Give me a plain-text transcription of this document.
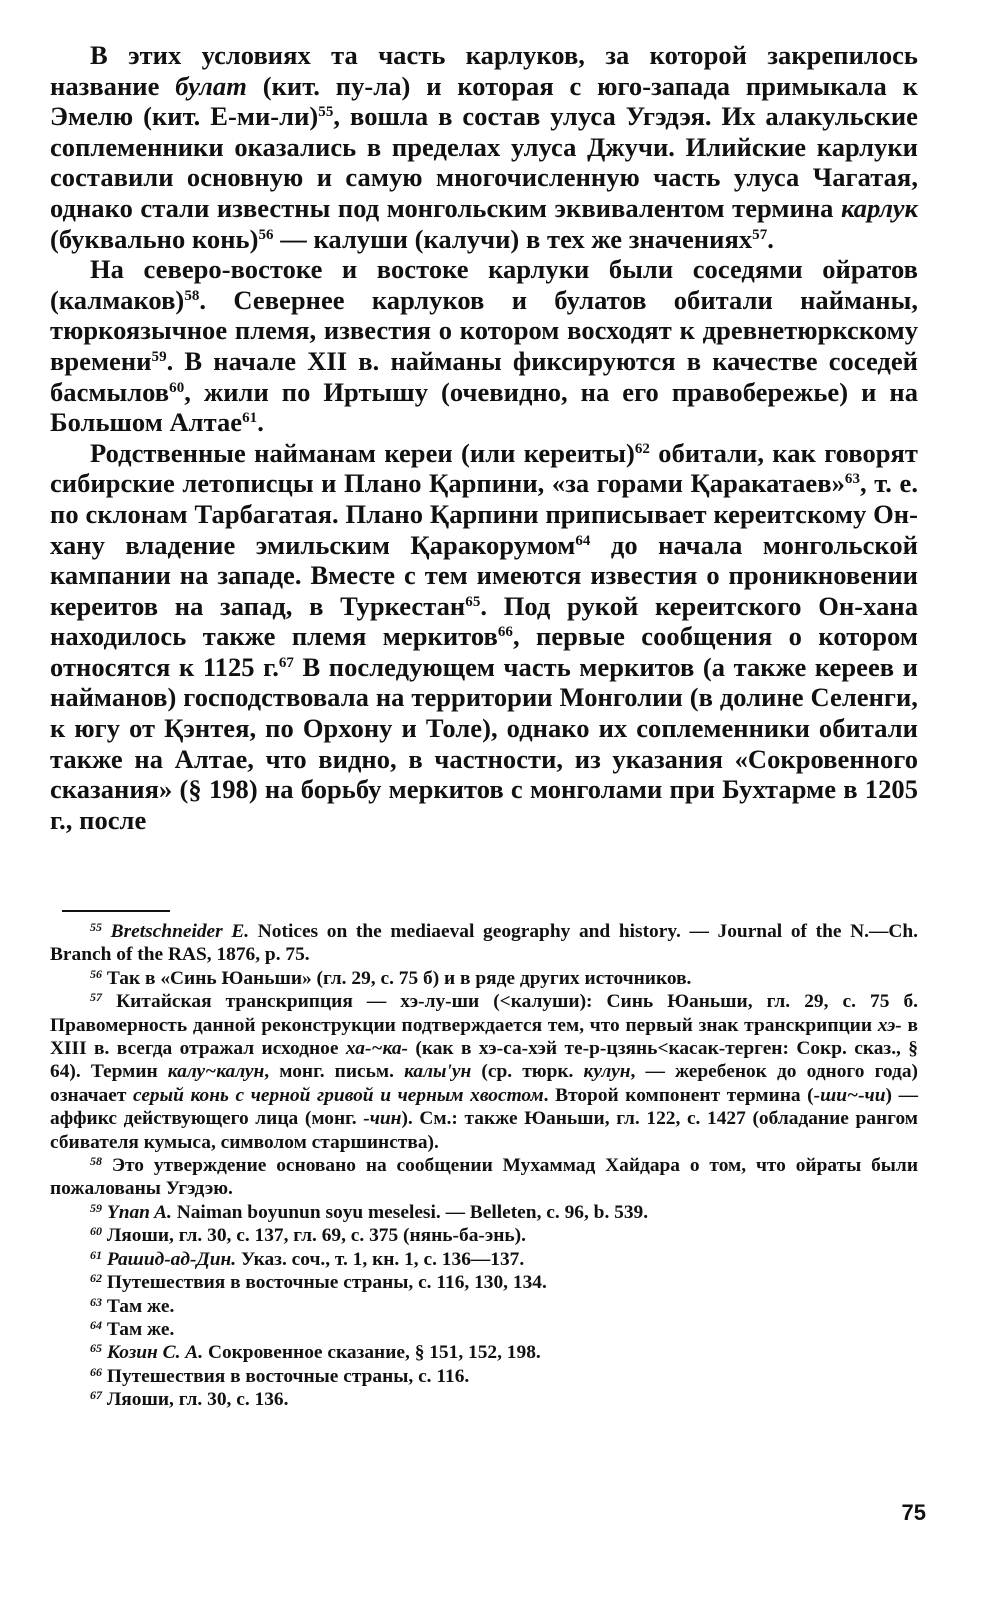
В этих условиях та часть карлуков, за которой закрепилось название булат (кит. пу-ла) и которая с юго-запада примыкала к Эмелю (кит. Е-ми-ли)$^{55}$, вошла в состав улуса Угэдэя. Их алакульские соплеменники оказались в пределах улуса Джучи. Илийские карлуки составили основную и самую многочисленную часть улуса Чагатая, однако стали известны под монгольским эквивалентом термина карлук (буквально конь)$^{56}$ — калуши (калучи) в тех же значениях$^{57}$.

На северо-востоке и востоке карлуки были соседями ойратов (калмаков)$^{58}$. Севернее карлуков и булатов обитали найманы, тюркоязычное племя, известия о котором восходят к древнетюркскому времени$^{59}$. В начале XII в. найманы фиксируются в качестве соседей басмылов$^{60}$, жили по Иртышу (очевидно, на его правобережье) и на Большом Алтае$^{61}$.

Родственные найманам кереи (или кереиты)$^{62}$ обитали, как говорят сибирские летописцы и Плано Қарпини, «за горами Қаракатаев»$^{63}$, т. е. по склонам Тарбагатая. Плано Қарпини приписывает кереитскому Он-хану владение эмильским Қаракорумом$^{64}$ до начала монгольской кампании на западе. Вместе с тем имеются известия о проникновении кереитов на запад, в Туркестан$^{65}$. Под рукой кереитского Он-хана находилось также племя меркитов$^{66}$, первые сообщения о котором относятся к 1125 г.$^{67}$ В последующем часть меркитов (а также кереев и найманов) господствовала на территории Монголии (в долине Селенги, к югу от Қэнтея, по Орхону и Толе), однако их соплеменники обитали также на Алтае, что видно, в частности, из указания «Сокровенного сказания» (§ 198) на борьбу меркитов с монголами при Бухтарме в 1205 г., после

$^{55}$ Bretschneider E. Notices on the mediaeval geography and history. — Journal of the N.—Ch. Branch of the RAS, 1876, p. 75.

$^{56}$ Так в «Синь Юаньши» (гл. 29, с. 75 б) и в ряде других источников.

$^{57}$ Китайская транскрипция — хэ-лу-ши (<калуши): Синь Юаньши, гл. 29, с. 75 б. Правомерность данной реконструкции подтверждается тем, что первый знак транскрипции хэ- в XIII в. всегда отражал исходное ха-~ка- (как в хэ-са-хэй те-р-цзянь<касак-терген: Сокр. сказ., § 64). Термин калу~калун, монг. письм. калы'ун (ср. тюрк. кулун, — жеребенок до одного года) означает серый конь с черной гривой и черным хвостом. Второй компонент термина (-ши~-чи) — аффикс действующего лица (монг. -чин). См.: также Юаньши, гл. 122, с. 1427 (обладание рангом сбивателя кумыса, символом старшинства).

$^{58}$ Это утверждение основано на сообщении Мухаммад Хайдара о том, что ойраты были пожалованы Угэдэю.

$^{59}$ Ynan A. Naiman boyunun soyu meselesi. — Belleten, с. 96, b. 539.

$^{60}$ Ляоши, гл. 30, с. 137, гл. 69, с. 375 (нянь-ба-энь).

$^{61}$ Рашид-ад-Дин. Указ. соч., т. 1, кн. 1, с. 136—137.

$^{62}$ Путешествия в восточные страны, с. 116, 130, 134.

$^{63}$ Там же.

$^{64}$ Там же.

$^{65}$ Козин С. А. Сокровенное сказание, § 151, 152, 198.

$^{66}$ Путешествия в восточные страны, с. 116.

$^{67}$ Ляоши, гл. 30, с. 136.

75
